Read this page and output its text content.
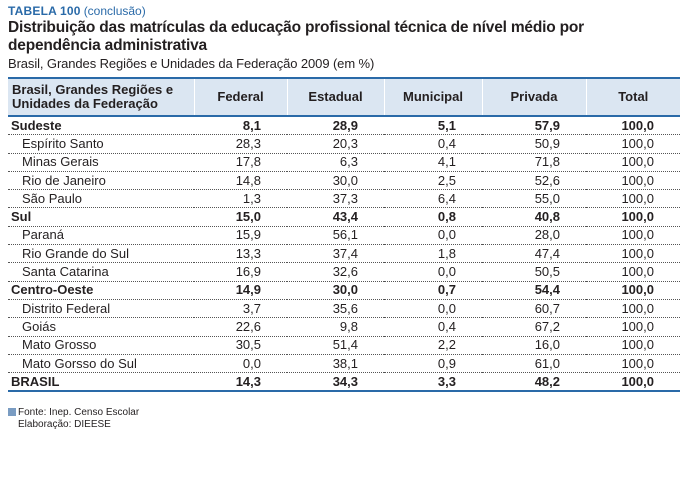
TABELA 100 (conclusão)
Distribuição das matrículas da educação profissional técnica de nível médio por dependência administrativa
Brasil, Grandes Regiões e Unidades da Federação 2009 (em %)
Brasil, Grandes Regiões e Unidades da Federação	Federal	Estadual	Municipal	Privada	Total
Sudeste	8,1	28,9	5,1	57,9	100,0
Espírito Santo	28,3	20,3	0,4	50,9	100,0
Minas Gerais	17,8	6,3	4,1	71,8	100,0
Rio de Janeiro	14,8	30,0	2,5	52,6	100,0
São Paulo	1,3	37,3	6,4	55,0	100,0
Sul	15,0	43,4	0,8	40,8	100,0
Paraná	15,9	56,1	0,0	28,0	100,0
Rio Grande do Sul	13,3	37,4	1,8	47,4	100,0
Santa Catarina	16,9	32,6	0,0	50,5	100,0
Centro-Oeste	14,9	30,0	0,7	54,4	100,0
Distrito Federal	3,7	35,6	0,0	60,7	100,0
Goiás	22,6	9,8	0,4	67,2	100,0
Mato Grosso	30,5	51,4	2,2	16,0	100,0
Mato Gorsso do Sul	0,0	38,1	0,9	61,0	100,0
BRASIL	14,3	34,3	3,3	48,2	100,0
Fonte: Inep. Censo Escolar
Elaboração: DIEESE
